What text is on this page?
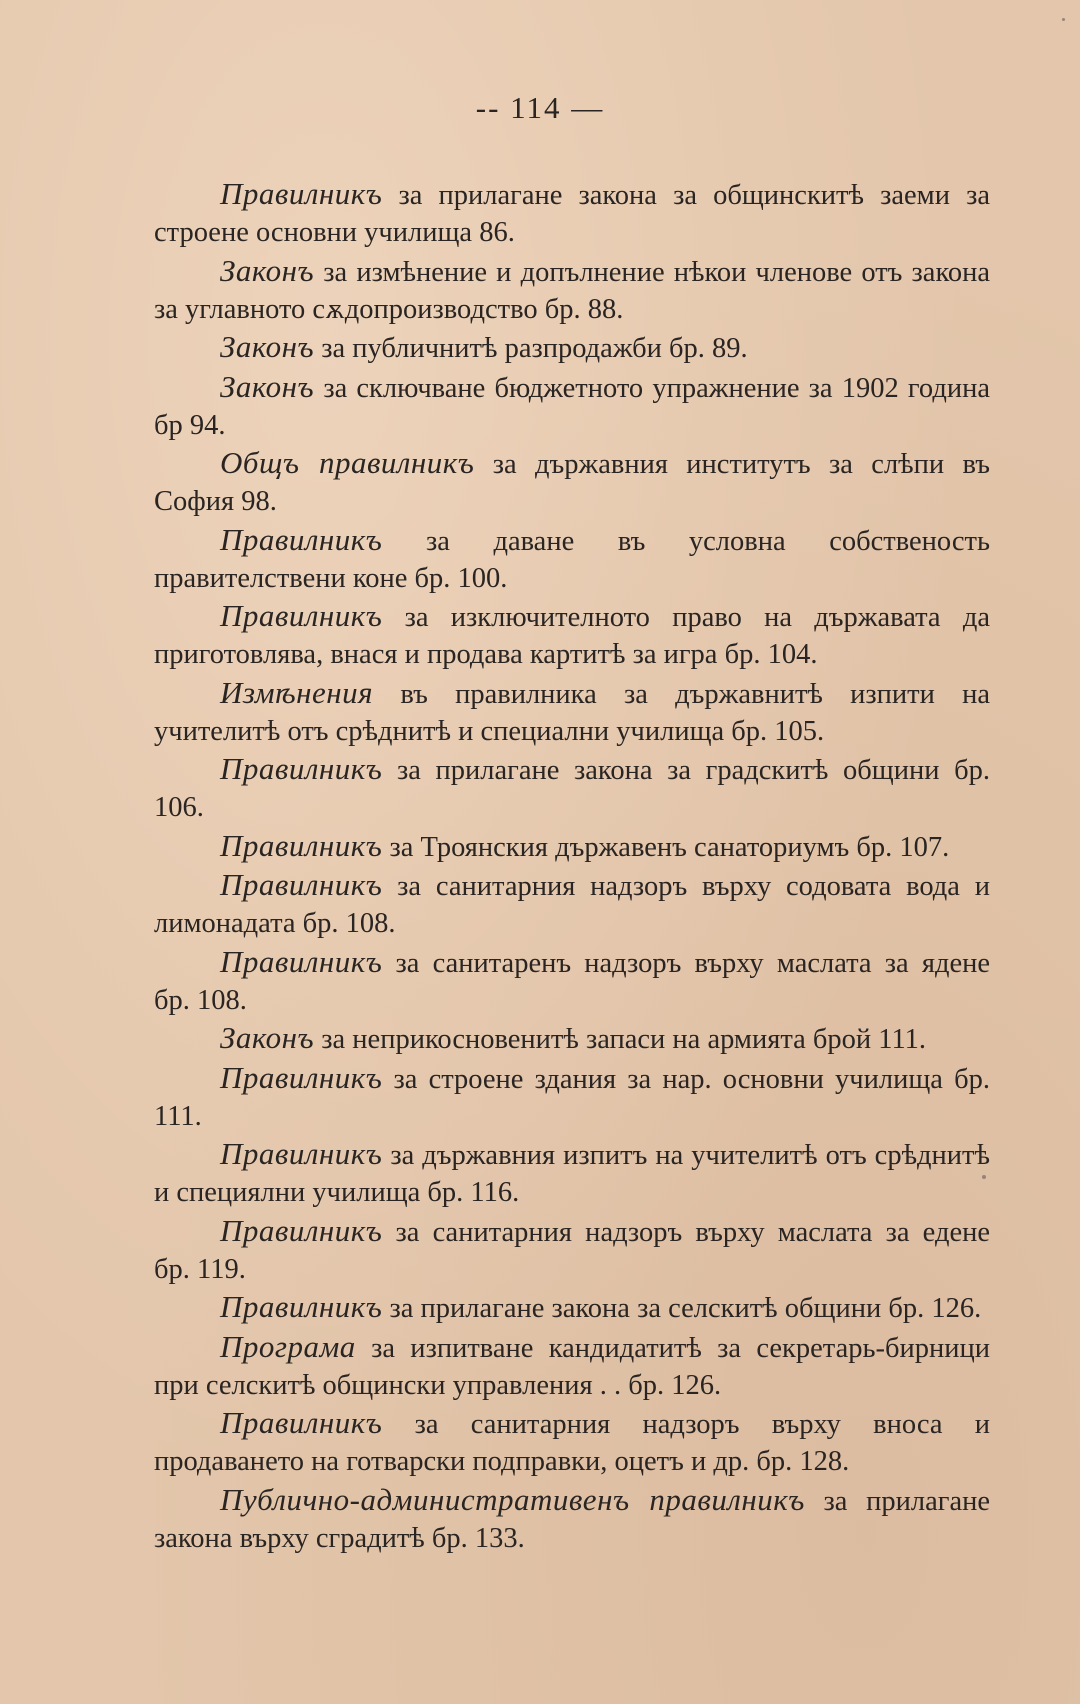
-- 114 —

Правилникъ за прилагане закона за общинскитѣ заеми за строене основни училища 86.

Законъ за измѣнение и допълнение нѣкои членове отъ закона за углавното сѫдопроизводство бр. 88.

Законъ за публичнитѣ разпродажби бр. 89.

Законъ за сключване бюджетното упражнение за 1902 година бр 94.

Общъ правилникъ за държавния институтъ за слѣпи въ София 98.

Правилникъ за даване въ условна собственость правителствени коне бр. 100.

Правилникъ за изключителното право на държавата да приготовлява, внася и продава картитѣ за игра бр. 104.

Измѣнения въ правилника за държавнитѣ изпити на учителитѣ отъ срѣднитѣ и специални училища бр. 105.

Правилникъ за прилагане закона за градскитѣ общини бр. 106.

Правилникъ за Троянския държавенъ санаториумъ бр. 107.

Правилникъ за санитарния надзоръ върху содовата вода и лимонадата бр. 108.

Правилникъ за санитаренъ надзоръ върху маслата за ядене бр. 108.

Законъ за неприкосновенитѣ запаси на армията брой 111.

Правилникъ за строене здания за нар. основни училища бр. 111.

Правилникъ за държавния изпитъ на учителитѣ отъ срѣднитѣ и специялни училища бр. 116.

Правилникъ за санитарния надзоръ върху маслата за едене бр. 119.

Правилникъ за прилагане закона за селскитѣ общини бр. 126.

Програма за изпитване кандидатитѣ за секретарь-бирници при селскитѣ общински управления . . бр. 126.

Правилникъ за санитарния надзоръ върху вноса и продаването на готварски подправки, оцетъ и др. бр. 128.

Публично-административенъ правилникъ за прилагане закона върху сградитѣ бр. 133.
